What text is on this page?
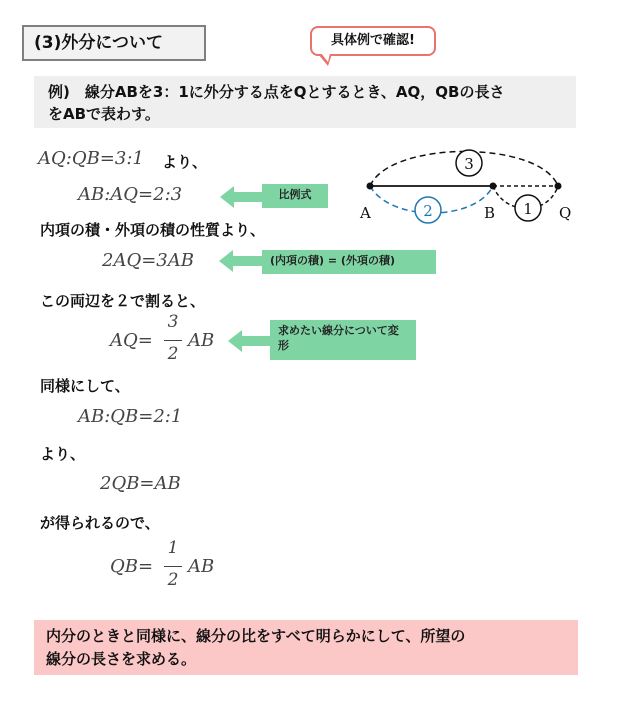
(3)外分について	具体例で確認!
例)　線分ABを3：1に外分する点をQとするとき、AQ，QBの長さ
をABで表わす。
AQ:QB=3:1 より、
AB:AQ=2:3	比例式
内項の積・外項の積の性質より、
2AQ=3AB	(内項の積) = (外項の積)
この両辺を２で割ると、
AQ=
3
2
AB	求めたい線分について変形
同様にして、
AB:QB=2:1
より、
2QB=AB
が得られるので、
QB=
1
2
AB
3
2	1
A	B	Q
内分のときと同様に、線分の比をすべて明らかにして、所望の
線分の長さを求める。
